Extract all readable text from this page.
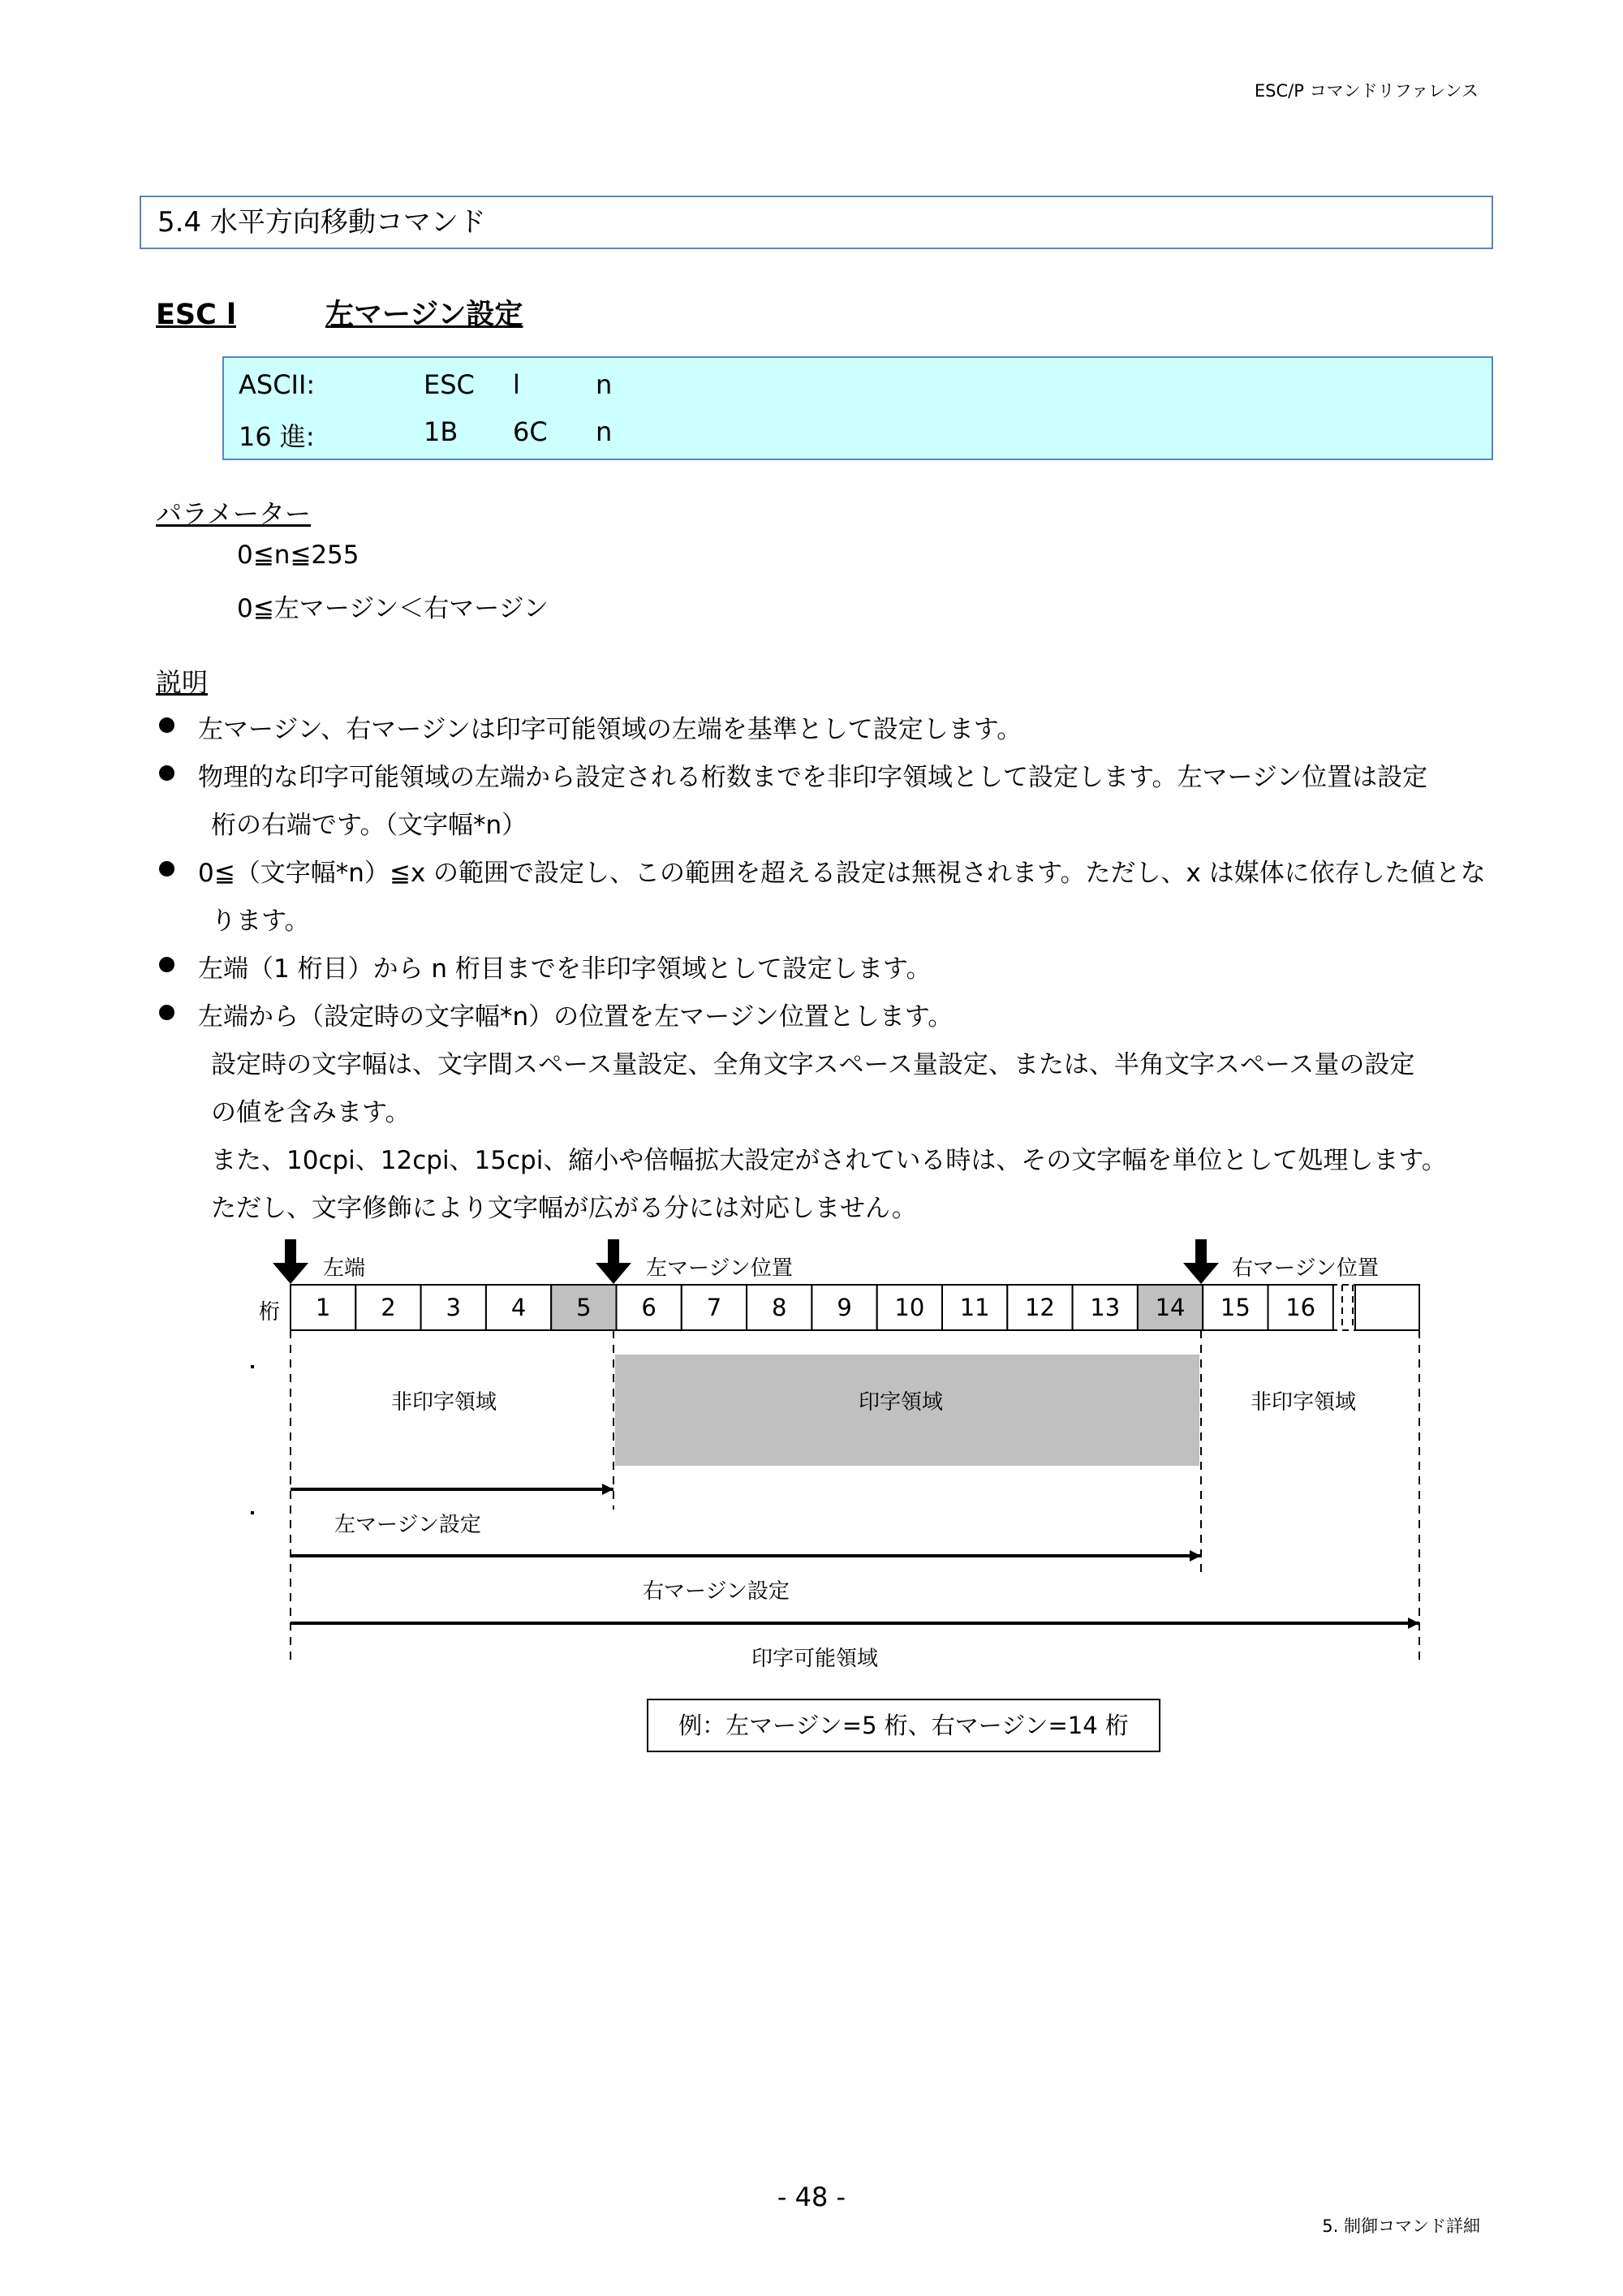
ESC/P コマンドリファレンス
5.4 水平方向移動コマンド
ESC l	左マージン設定
ASCII:	ESC l	n
16 進:	1B 6C n
パラメーター
0≦n≦255
0≦左マージン＜右マージン
説明
左マージン、右マージンは印字可能領域の左端を基準として設定します。
物理的な印字可能領域の左端から設定される桁数までを非印字領域として設定します。左マージン位置は設定
桁の右端です。（文字幅*n）
0≦（文字幅*n）≦x の範囲で設定し、この範囲を超える設定は無視されます。ただし、x は媒体に依存した値とな
ります。
左端（1 桁目）から n 桁目までを非印字領域として設定します。
左端から（設定時の文字幅*n）の位置を左マージン位置とします。
設定時の文字幅は、文字間スペース量設定、全角文字スペース量設定、または、半角文字スペース量の設定
の値を含みます。
また、10cpi、12cpi、15cpi、縮小や倍幅拡大設定がされている時は、その文字幅を単位として処理します。
ただし、文字修飾により文字幅が広がる分には対応しません。
1 2 3 4 5 6 7 8 9 10 11 12 13 14 15 16
左端	左マージン位置	右マージン位置
桁
非印字領域	印字領域	非印字領域
左マージン設定
右マージン設定
印字可能領域
例：左マージン=5 桁、右マージン=14 桁
- 48 -
5. 制御コマンド詳細
